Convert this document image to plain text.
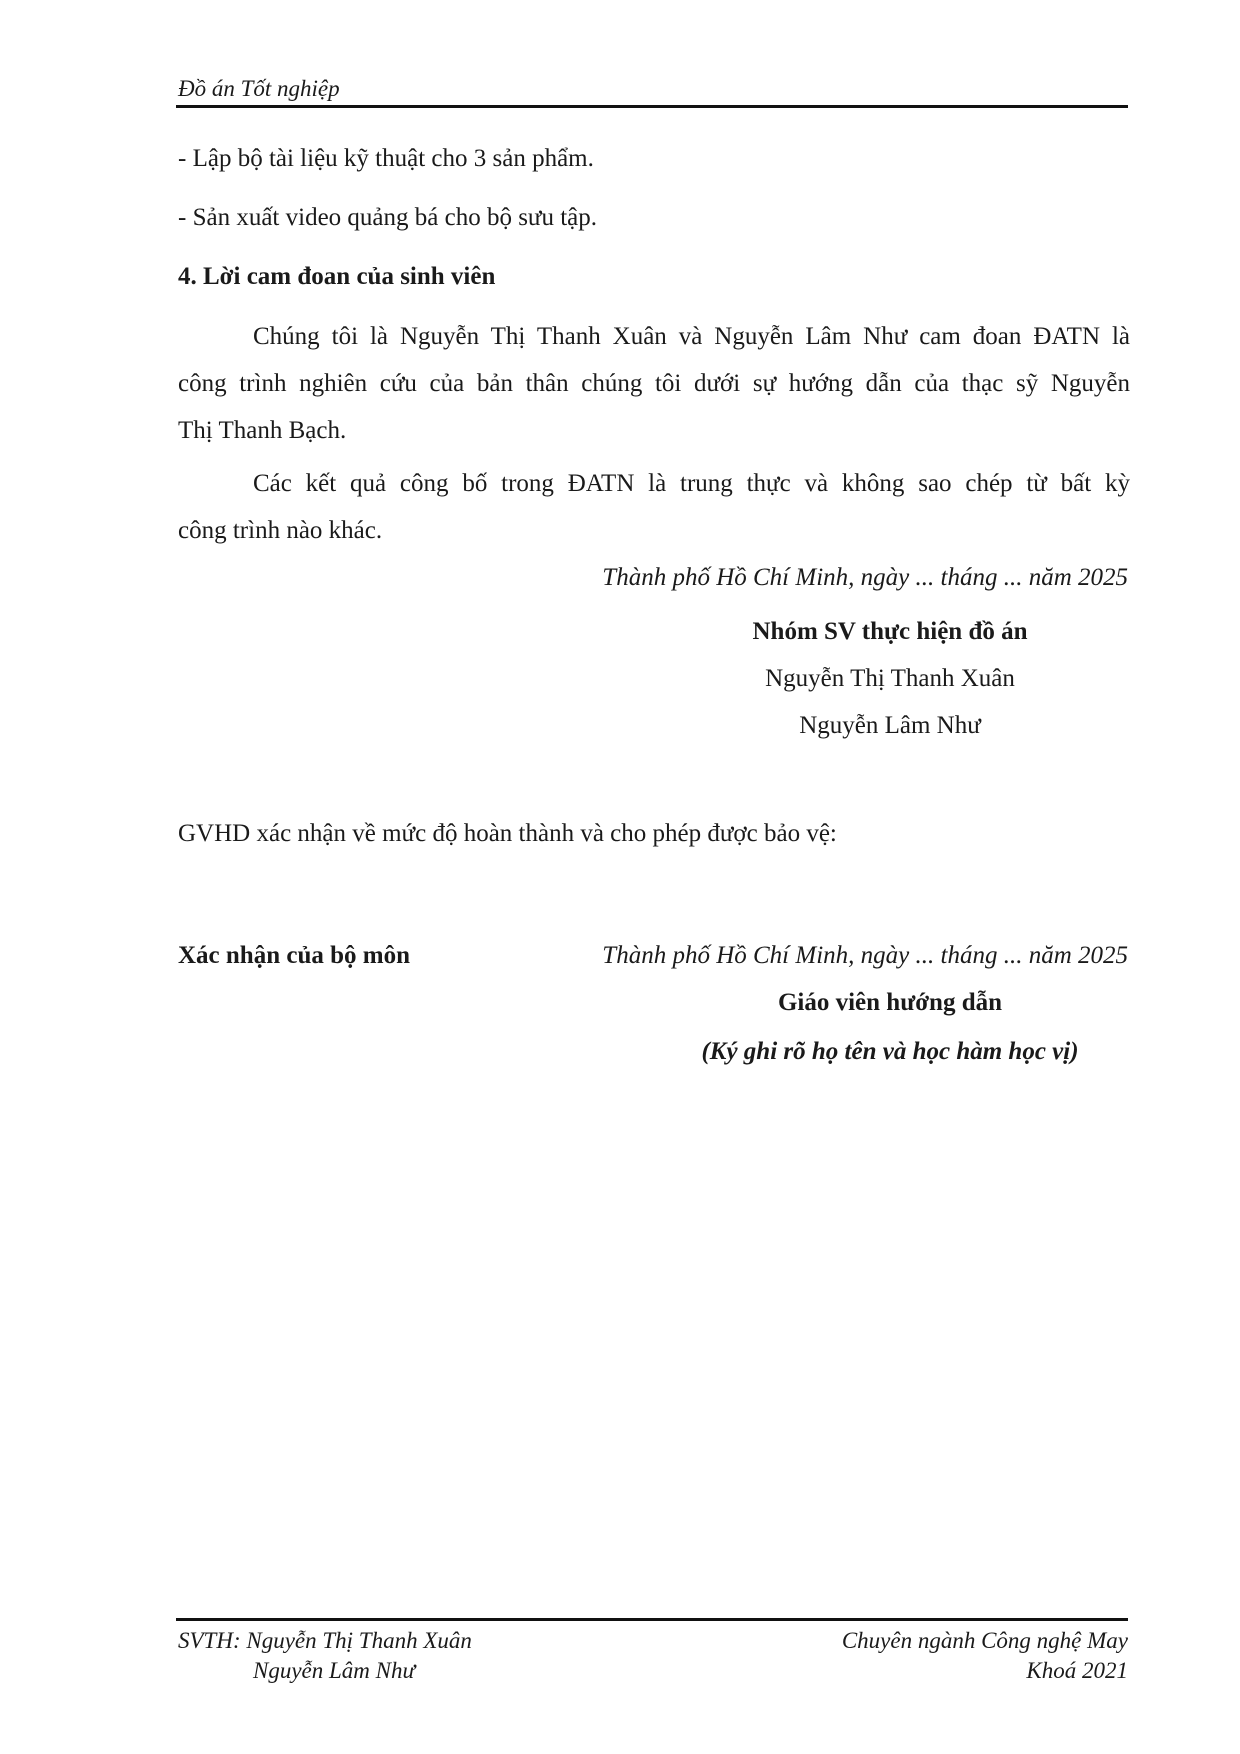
Đồ án Tốt nghiệp
- Lập bộ tài liệu kỹ thuật cho 3 sản phẩm.
- Sản xuất video quảng bá cho bộ sưu tập.
4. Lời cam đoan của sinh viên
Chúng tôi là Nguyễn Thị Thanh Xuân và Nguyễn Lâm Như cam đoan ĐATN là
công trình nghiên cứu của bản thân chúng tôi dưới sự hướng dẫn của thạc sỹ Nguyễn
Thị Thanh Bạch.
Các kết quả công bố trong ĐATN là trung thực và không sao chép từ bất kỳ
công trình nào khác.
Thành phố Hồ Chí Minh, ngày ... tháng ... năm 2025
Nhóm SV thực hiện đồ án
Nguyễn Thị Thanh Xuân
Nguyễn Lâm Như
GVHD xác nhận về mức độ hoàn thành và cho phép được bảo vệ:
Xác nhận của bộ môn	Thành phố Hồ Chí Minh, ngày ... tháng ... năm 2025
Giáo viên hướng dẫn
(Ký ghi rõ họ tên và học hàm học vị)
SVTH: Nguyễn Thị Thanh Xuân
Nguyễn Lâm Như
Chuyên ngành Công nghệ May
Khoá 2021
